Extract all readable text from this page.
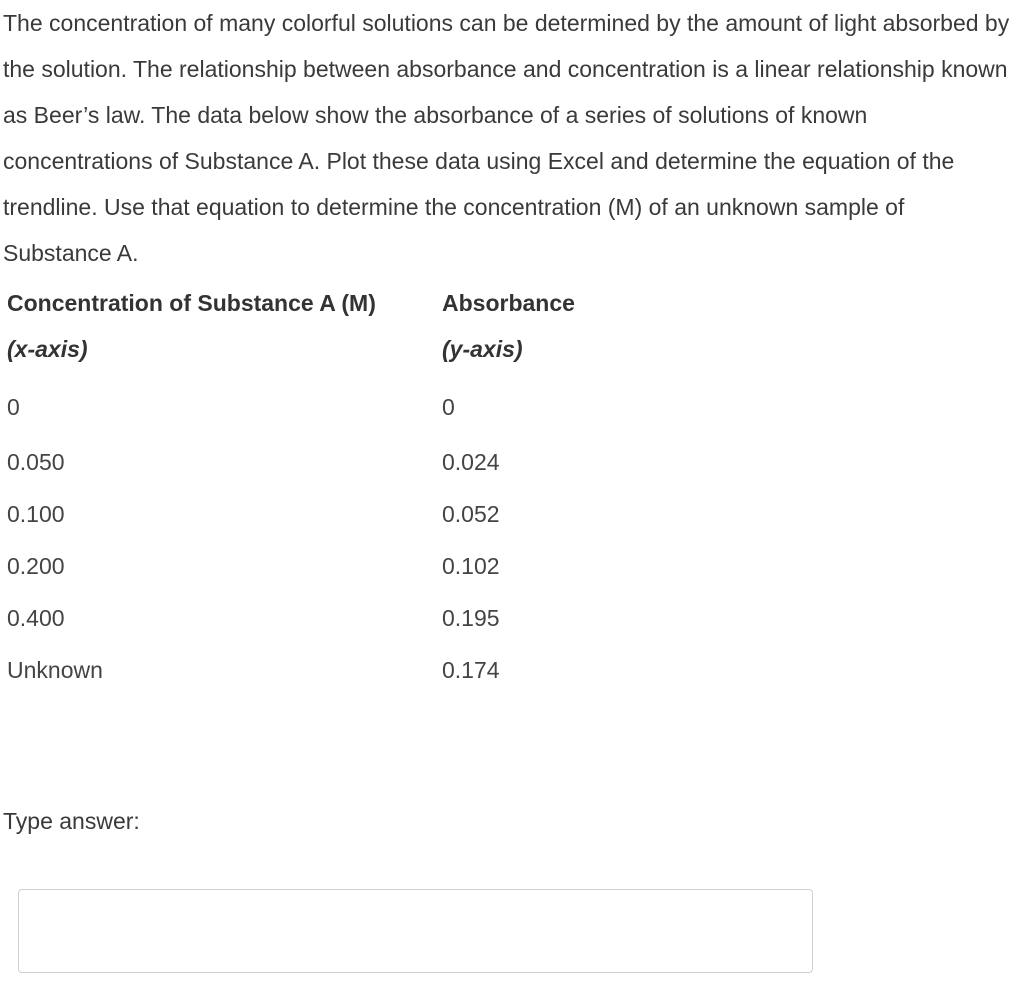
The concentration of many colorful solutions can be determined by the amount of light absorbed by the solution. The relationship between absorbance and concentration is a linear relationship known as Beer’s law. The data below show the absorbance of a series of solutions of known concentrations of Substance A. Plot these data using Excel and determine the equation of the trendline. Use that equation to determine the concentration (M) of an unknown sample of Substance A.

Concentration of Substance A (M)	Absorbance
(x-axis)	(y-axis)
0	0
0.050	0.024
0.100	0.052
0.200	0.102
0.400	0.195
Unknown	0.174
Type answer:
